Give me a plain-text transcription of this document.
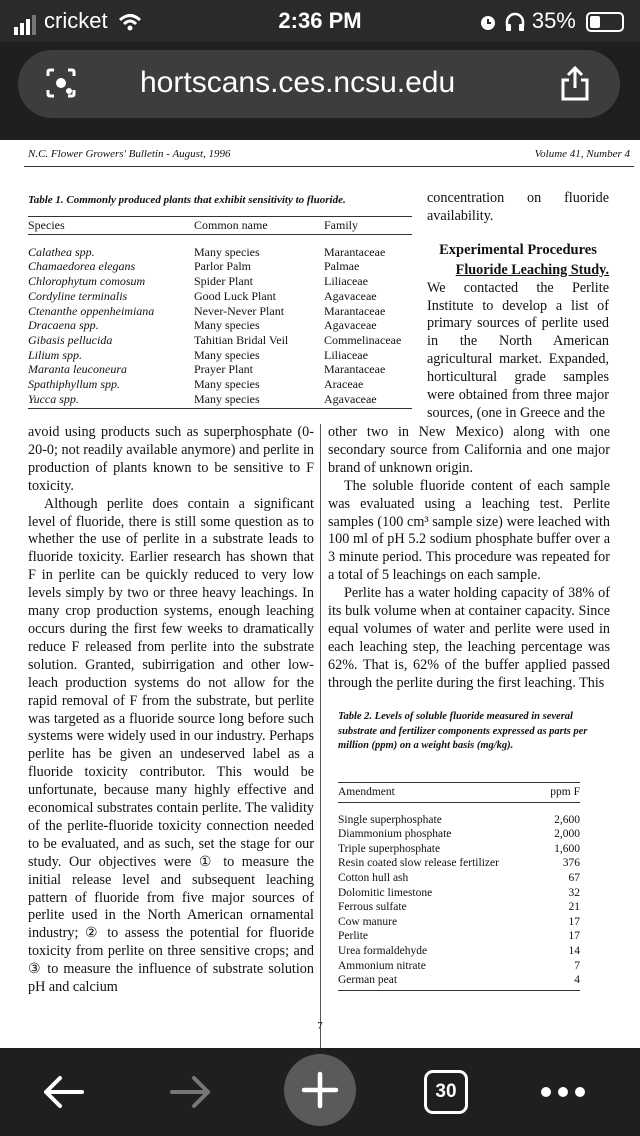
cricket	2:36 PM	35%
hortscans.ces.ncsu.edu
N.C. Flower Growers' Bulletin - August, 1996	Volume 41, Number 4
Table 1. Commonly produced plants that exhibit sensitivity to fluoride.
Species	Common name	Family
Calathea spp.	Many species	Marantaceae
Chamaedorea elegans	Parlor Palm	Palmae
Chlorophytum comosum	Spider Plant	Liliaceae
Cordyline terminalis	Good Luck Plant	Agavaceae
Ctenanthe oppenheimiana	Never-Never Plant	Marantaceae
Dracaena spp.	Many species	Agavaceae
Gibasis pellucida	Tahitian Bridal Veil	Commelinaceae
Lilium spp.	Many species	Liliaceae
Maranta leuconeura	Prayer Plant	Marantaceae
Spathiphyllum spp.	Many species	Araceae
Yucca spp.	Many species	Agavaceae

concentration on fluoride availability.

Experimental Procedures

Fluoride Leaching Study.

We contacted the Perlite Institute to develop a list of primary sources of perlite used in the North American agricultural market. Expanded, horticultural grade samples were obtained from three major sources, (one in Greece and the

avoid using products such as superphosphate (0-20-0; not readily available anymore) and perlite in production of plants known to be sensitive to F toxicity.

Although perlite does contain a significant level of fluoride, there is still some question as to whether the use of perlite in a substrate leads to fluoride toxicity. Earlier research has shown that F in perlite can be quickly reduced to very low levels simply by two or three heavy leachings. In many crop production systems, enough leaching occurs during the first few weeks to dramatically reduce F released from perlite into the substrate solution. Granted, subirrigation and other low-leach production systems do not allow for the rapid removal of F from the substrate, but perlite was targeted as a fluoride source long before such systems were widely used in our industry. Perhaps perlite has be given an undeserved label as a fluoride toxicity contributor. This would be unfortunate, because many highly effective and economical substrates contain perlite. The validity of the perlite-fluoride toxicity connection needed to be evaluated, and as such, set the stage for our study. Our objectives were ① to measure the initial release level and subsequent leaching pattern of fluoride from five major sources of perlite used in the North American ornamental industry; ② to assess the potential for fluoride toxicity from perlite on three sensitive crops; and ③ to measure the influence of substrate solution pH and calcium

other two in New Mexico) along with one secondary source from California and one major brand of unknown origin.

The soluble fluoride content of each sample was evaluated using a leaching test. Perlite samples (100 cm³ sample size) were leached with 100 ml of pH 5.2 sodium phosphate buffer over a 3 minute period. This procedure was repeated for a total of 5 leachings on each sample.

Perlite has a water holding capacity of 38% of its bulk volume when at container capacity. Since equal volumes of water and perlite were used in each leaching step, the leaching percentage was 62%. That is, 62% of the buffer applied passed through the perlite during the first leaching. This

Table 2. Levels of soluble fluoride measured in several substrate and fertilizer components expressed as parts per million (ppm) on a weight basis (mg/kg).
Amendment	ppm F
Single superphosphate	2,600
Diammonium phosphate	2,000
Triple superphosphate	1,600
Resin coated slow release fertilizer	376
Cotton hull ash	67
Dolomitic limestone	32
Ferrous sulfate	21
Cow manure	17
Perlite	17
Urea formaldehyde	14
Ammonium nitrate	7
German peat	4
7
30
